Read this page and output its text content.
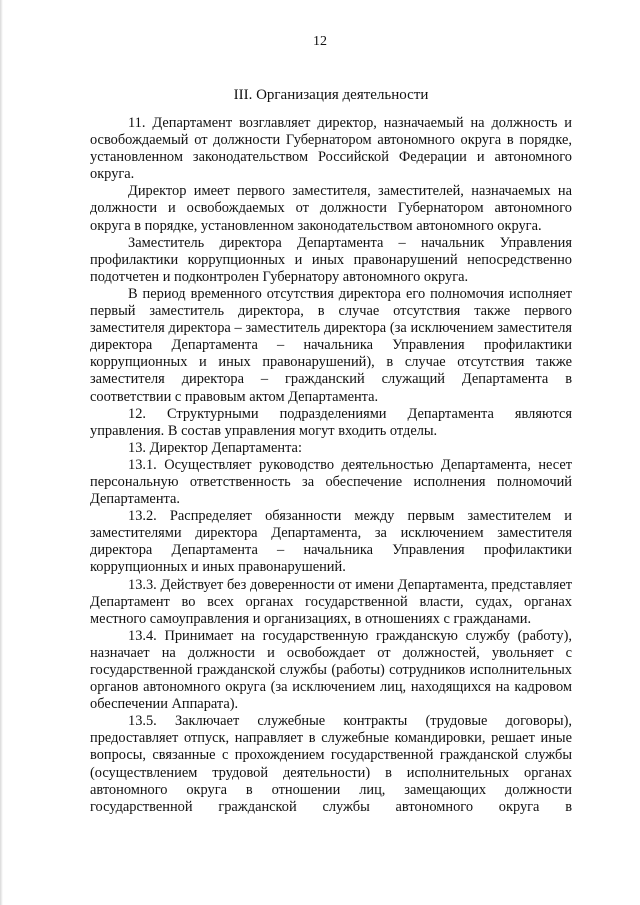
12
III. Организация деятельности

11. Департамент возглавляет директор, назначаемый на должность и освобождаемый от должности Губернатором автономного округа в порядке, установленном законодательством Российской Федерации и автономного округа.

Директор имеет первого заместителя, заместителей, назначаемых на должности и освобождаемых от должности Губернатором автономного округа в порядке, установленном законодательством автономного округа.

Заместитель директора Департамента – начальник Управления профилактики коррупционных и иных правонарушений непосредственно подотчетен и подконтролен Губернатору автономного округа.

В период временного отсутствия директора его полномочия исполняет первый заместитель директора, в случае отсутствия также первого заместителя директора – заместитель директора (за исключением заместителя директора Департамента – начальника Управления профилактики коррупционных и иных правонарушений), в случае отсутствия также заместителя директора – гражданский служащий Департамента в соответствии с правовым актом Департамента.

12. Структурными подразделениями Департамента являются управления. В состав управления могут входить отделы.

13. Директор Департамента:

13.1. Осуществляет руководство деятельностью Департамента, несет персональную ответственность за обеспечение исполнения полномочий Департамента.

13.2. Распределяет обязанности между первым заместителем и заместителями директора Департамента, за исключением заместителя директора Департамента – начальника Управления профилактики коррупционных и иных правонарушений.

13.3. Действует без доверенности от имени Департамента, представляет Департамент во всех органах государственной власти, судах, органах местного самоуправления и организациях, в отношениях с гражданами.

13.4. Принимает на государственную гражданскую службу (работу), назначает на должности и освобождает от должностей, увольняет с государственной гражданской службы (работы) сотрудников исполнительных органов автономного округа (за исключением лиц, находящихся на кадровом обеспечении Аппарата).

13.5. Заключает служебные контракты (трудовые договоры), предоставляет отпуск, направляет в служебные командировки, решает иные вопросы, связанные с прохождением государственной гражданской службы (осуществлением трудовой деятельности) в исполнительных органах автономного округа в отношении лиц, замещающих должности государственной гражданской службы автономного округа в
